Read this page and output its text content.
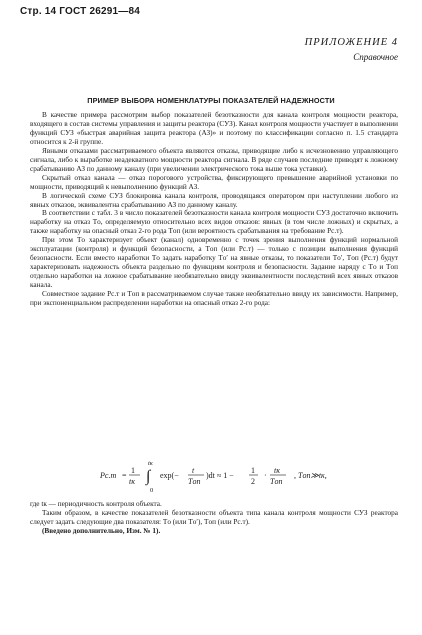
Стр. 14 ГОСТ 26291—84
ПРИЛОЖЕНИЕ 4
Справочное
ПРИМЕР ВЫБОРА НОМЕНКЛАТУРЫ ПОКАЗАТЕЛЕЙ НАДЕЖНОСТИ

В качестве примера рассмотрим выбор показателей безотказности для канала контроля мощности реактора, входящего в состав системы управления и защиты реактора (СУЗ). Канал контроля мощности участвует в выполнении функций СУЗ «быстрая аварийная защита реактора (АЗ)» и поэтому по классификации согласно п. 1.5 стандарта относится к 2-й группе.

Явными отказами рассматриваемого объекта являются отказы, приводящие либо к исчезновению управляющего сигнала, либо к выработке неадекватного мощности реактора сигнала. В ряде случаев последние приводят к ложному срабатыванию АЗ по данному каналу (при увеличении электрического тока выше тока уставки).

Скрытый отказ канала — отказ порогового устройства, фиксирующего превышение аварийной установки по мощности, приводящий к невыполнению функций АЗ.

В логической схеме СУЗ блокировка канала контроля, проводящаяся оператором при наступлении любого из явных отказов, эквивалентна срабатыванию АЗ по данному каналу.

В соответствии с табл. 3 в число показателей безотказности канала контроля мощности СУЗ достаточно включить наработку на отказ Tо, определяемую относительно всех видов отказов: явных (в том числе ложных) и скрытых, а также наработку на опасный отказ 2-го рода Tоп (или вероятность срабатывания на требование Pс.т).

При этом Tо характеризует объект (канал) одновременно с точек зрения выполнения функций нормальной эксплуатации (контроля) и функций безопасности, а Tоп (или Pс.т) — только с позиции выполнения функций безопасности. Если вместо наработки Tо задать наработку Tо′ на явные отказы, то показатели Tо′, Tоп (Pс.т) будут характеризовать надежность объекта раздельно по функциям контроля и безопасности. Задание наряду с Tо и Tоп отдельно наработки на ложное срабатывание необязательно ввиду эквивалентности последствий всех явных отказов канала.

Совместное задание Pс.т и Tоп в рассматриваемом случае также необязательно ввиду их зависимости. Например, при экспоненциальном распределении наработки на опасный отказ 2-го рода:

Pс.т =
1
tк
tк
∫
0
exp(−
t
Tоп
)dt ≈ 1 −
1
2
·
tк
Tоп
, Tоп≫tк,

где tк — периодичность контроля объекта.

Таким образом, в качестве показателей безотказности объекта типа канала контроля мощности СУЗ реактора следует задать следующие два показателя: Tо (или Tо′), Tоп (или Pс.т).

(Введено дополнительно, Изм. № 1).
